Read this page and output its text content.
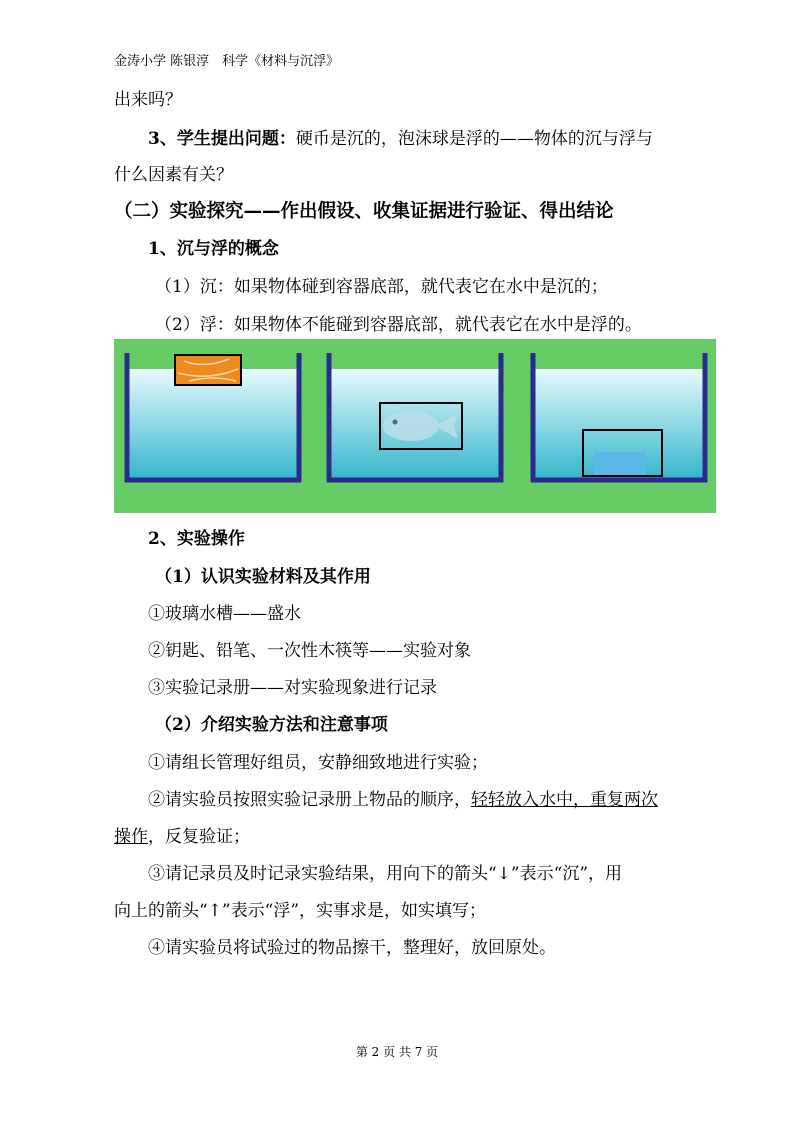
金涛小学 陈银淳　科学《材料与沉浮》
出来吗？
3、学生提出问题：硬币是沉的，泡沫球是浮的——物体的沉与浮与
什么因素有关？
（二）实验探究——作出假设、收集证据进行验证、得出结论
1、沉与浮的概念
（1）沉：如果物体碰到容器底部，就代表它在水中是沉的；
（2）浮：如果物体不能碰到容器底部，就代表它在水中是浮的。
2、实验操作
（1）认识实验材料及其作用
①玻璃水槽——盛水
②钥匙、铅笔、一次性木筷等——实验对象
③实验记录册——对实验现象进行记录
（2）介绍实验方法和注意事项
①请组长管理好组员，安静细致地进行实验；
②请实验员按照实验记录册上物品的顺序，轻轻放入水中，重复两次
操作，反复验证；
③请记录员及时记录实验结果，用向下的箭头“↓”表示“沉”，用
向上的箭头“↑”表示“浮”，实事求是，如实填写；
④请实验员将试验过的物品擦干，整理好，放回原处。
第 2 页 共 7 页
